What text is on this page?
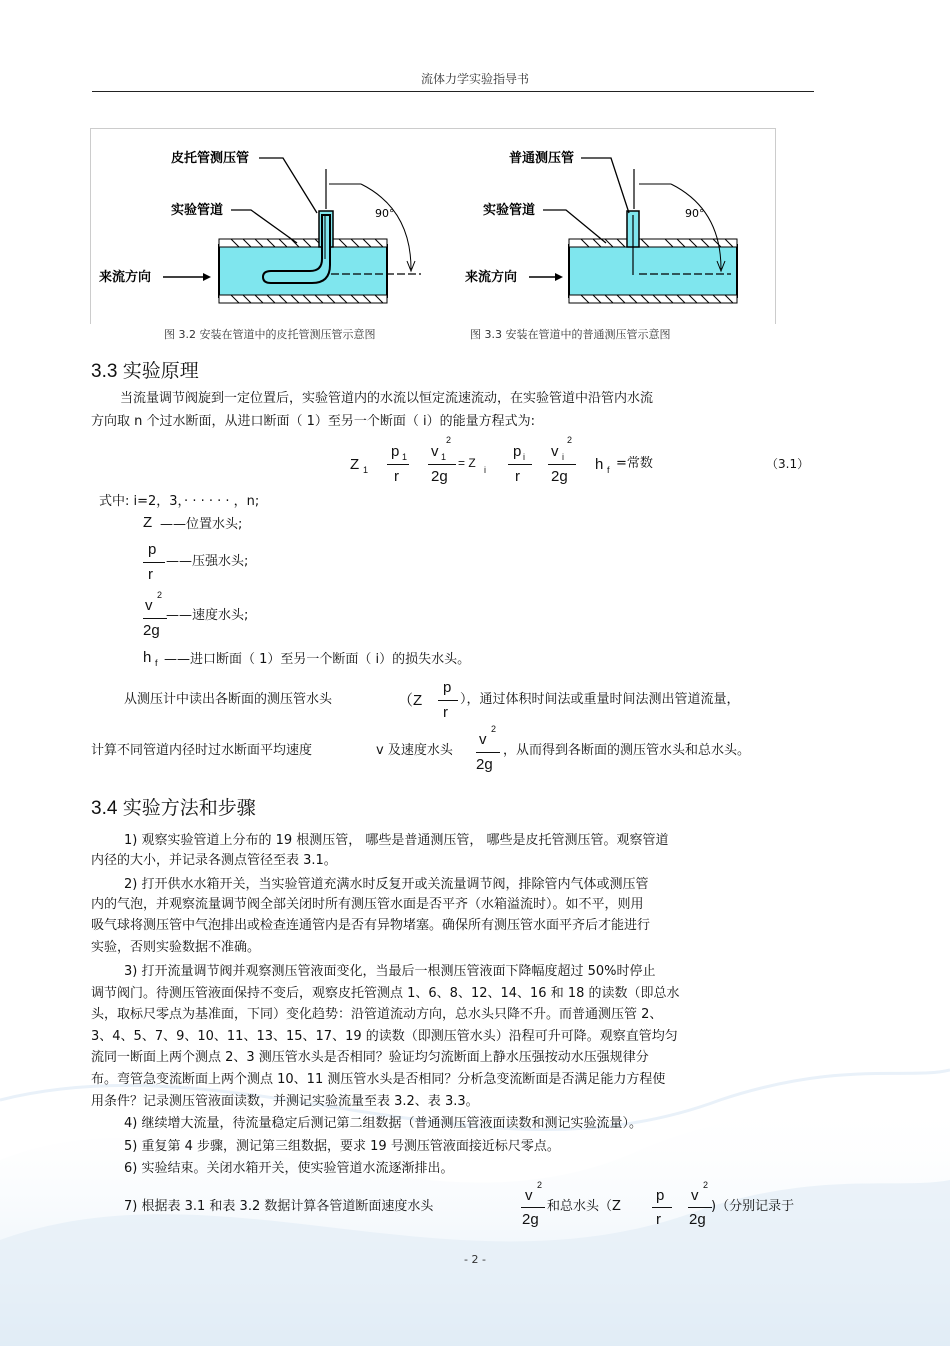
流体力学实验指导书
90°
皮托管测压管
实验管道
来流方向
90°
普通测压管
实验管道
来流方向
图 3.2 安装在管道中的皮托管测压管示意图	图 3.3 安装在管道中的普通测压管示意图
3.3 实验原理
当流量调节阀旋到一定位置后，实验管道内的水流以恒定流速流动，在实验管道中沿管内水流
方向取 n 个过水断面，从进口断面（ 1）至另一个断面（ i）的能量方程式为:
Z 1
p 1
r
v 1
2
2g
= Z i
p i
r
v i
2
2g
h f =常数	（3.1）
式中: i=2，3，· · · · · · ，n;
Z ——位置水头;
p
r
——压强水头;
v
2
2g
——速度水头;
h f ——进口断面（ 1）至另一个断面（ i）的损失水头。
从测压计中读出各断面的测压管水头	（Z
p
r
），通过体积时间法或重量时间法测出管道流量，
计算不同管道内径时过水断面平均速度	v 及速度水头
v
2
2g
，从而得到各断面的测压管水头和总水头。
3.4 实验方法和步骤
1) 观察实验管道上分布的 19 根测压管， 哪些是普通测压管， 哪些是皮托管测压管。观察管道
内径的大小，并记录各测点管径至表 3.1。
2) 打开供水水箱开关，当实验管道充满水时反复开或关流量调节阀，排除管内气体或测压管
内的气泡，并观察流量调节阀全部关闭时所有测压管水面是否平齐（水箱溢流时）。如不平，则用
吸气球将测压管中气泡排出或检查连通管内是否有异物堵塞。确保所有测压管水面平齐后才能进行
实验，否则实验数据不准确。
3) 打开流量调节阀并观察测压管液面变化，当最后一根测压管液面下降幅度超过 50%时停止
调节阀门。待测压管液面保持不变后，观察皮托管测点 1、6、8、12、14、16 和 18 的读数（即总水
头，取标尺零点为基准面，下同）变化趋势：沿管道流动方向，总水头只降不升。而普通测压管 2、
3、4、5、7、9、10、11、13、15、17、19 的读数（即测压管水头）沿程可升可降。观察直管均匀
流同一断面上两个测点 2、3 测压管水头是否相同？验证均匀流断面上静水压强按动水压强规律分
布。弯管急变流断面上两个测点 10、11 测压管水头是否相同？分析急变流断面是否满足能力方程使
用条件？记录测压管液面读数，并测记实验流量至表 3.2、表 3.3。
4) 继续增大流量，待流量稳定后测记第二组数据（普通测压管液面读数和测记实验流量）。
5) 重复第 4 步骤，测记第三组数据，要求 19 号测压管液面接近标尺零点。
6) 实验结束。关闭水箱开关，使实验管道水流逐渐排出。
7) 根据表 3.1 和表 3.2 数据计算各管道断面速度水头
v
2
2g
和总水头（Z
p
r
v
2
2g
)（分别记录于
- 2 -
